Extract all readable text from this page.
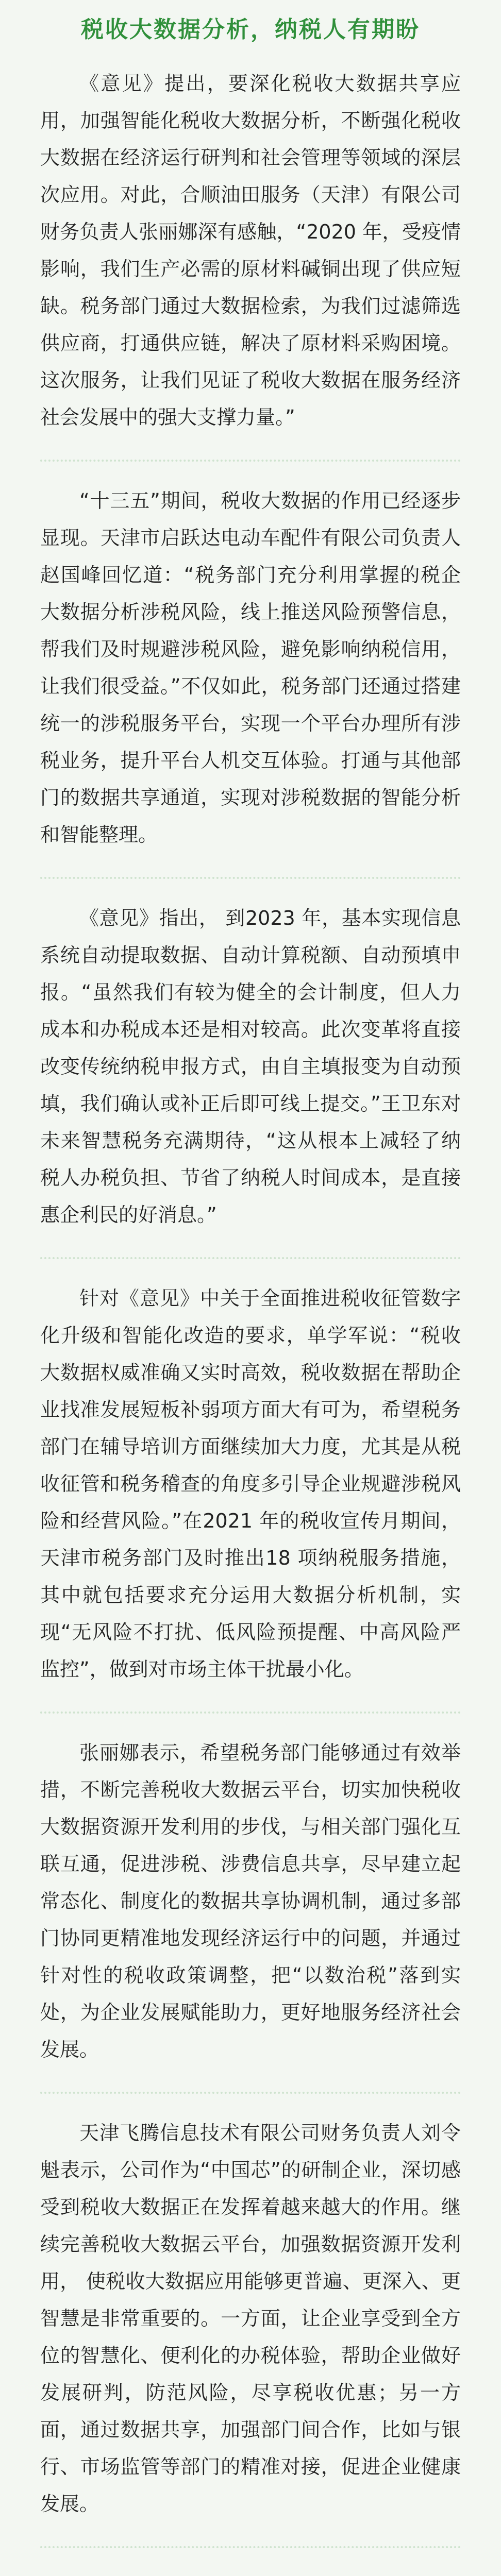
税收大数据分析，纳税人有期盼

《意见》提出，要深化税收大数据共享应用，加强智能化税收大数据分析，不断强化税收大数据在经济运行研判和社会管理等领域的深层次应用。对此，合顺油田服务（天津）有限公司财务负责人张丽娜深有感触，“2020 年，受疫情影响，我们生产必需的原材料碱铜出现了供应短缺。税务部门通过大数据检索，为我们过滤筛选供应商，打通供应链，解决了原材料采购困境。这次服务，让我们见证了税收大数据在服务经济社会发展中的强大支撑力量。”

“十三五”期间，税收大数据的作用已经逐步显现。天津市启跃达电动车配件有限公司负责人赵国峰回忆道：“税务部门充分利用掌握的税企大数据分析涉税风险，线上推送风险预警信息，帮我们及时规避涉税风险，避免影响纳税信用，让我们很受益。”不仅如此，税务部门还通过搭建统一的涉税服务平台，实现一个平台办理所有涉税业务，提升平台人机交互体验。打通与其他部门的数据共享通道，实现对涉税数据的智能分析和智能整理。

《意见》指出， 到2023 年，基本实现信息系统自动提取数据、自动计算税额、自动预填申报。“虽然我们有较为健全的会计制度，但人力成本和办税成本还是相对较高。此次变革将直接改变传统纳税申报方式，由自主填报变为自动预填，我们确认或补正后即可线上提交。”王卫东对未来智慧税务充满期待，“这从根本上减轻了纳税人办税负担、节省了纳税人时间成本，是直接惠企利民的好消息。”

针对《意见》中关于全面推进税收征管数字化升级和智能化改造的要求，单学军说：“税收大数据权威准确又实时高效，税收数据在帮助企业找准发展短板补弱项方面大有可为，希望税务部门在辅导培训方面继续加大力度，尤其是从税收征管和税务稽查的角度多引导企业规避涉税风险和经营风险。”在2021 年的税收宣传月期间，天津市税务部门及时推出18 项纳税服务措施，其中就包括要求充分运用大数据分析机制，实现“无风险不打扰、低风险预提醒、中高风险严监控”，做到对市场主体干扰最小化。

张丽娜表示，希望税务部门能够通过有效举措，不断完善税收大数据云平台，切实加快税收大数据资源开发利用的步伐，与相关部门强化互联互通，促进涉税、涉费信息共享，尽早建立起常态化、制度化的数据共享协调机制，通过多部门协同更精准地发现经济运行中的问题，并通过针对性的税收政策调整，把“以数治税”落到实处，为企业发展赋能助力，更好地服务经济社会发展。

天津飞腾信息技术有限公司财务负责人刘令魁表示，公司作为“中国芯”的研制企业，深切感受到税收大数据正在发挥着越来越大的作用。继续完善税收大数据云平台，加强数据资源开发利用， 使税收大数据应用能够更普遍、更深入、更智慧是非常重要的。一方面，让企业享受到全方位的智慧化、便利化的办税体验，帮助企业做好发展研判，防范风险，尽享税收优惠；另一方面，通过数据共享，加强部门间合作，比如与银行、市场监管等部门的精准对接，促进企业健康发展。
